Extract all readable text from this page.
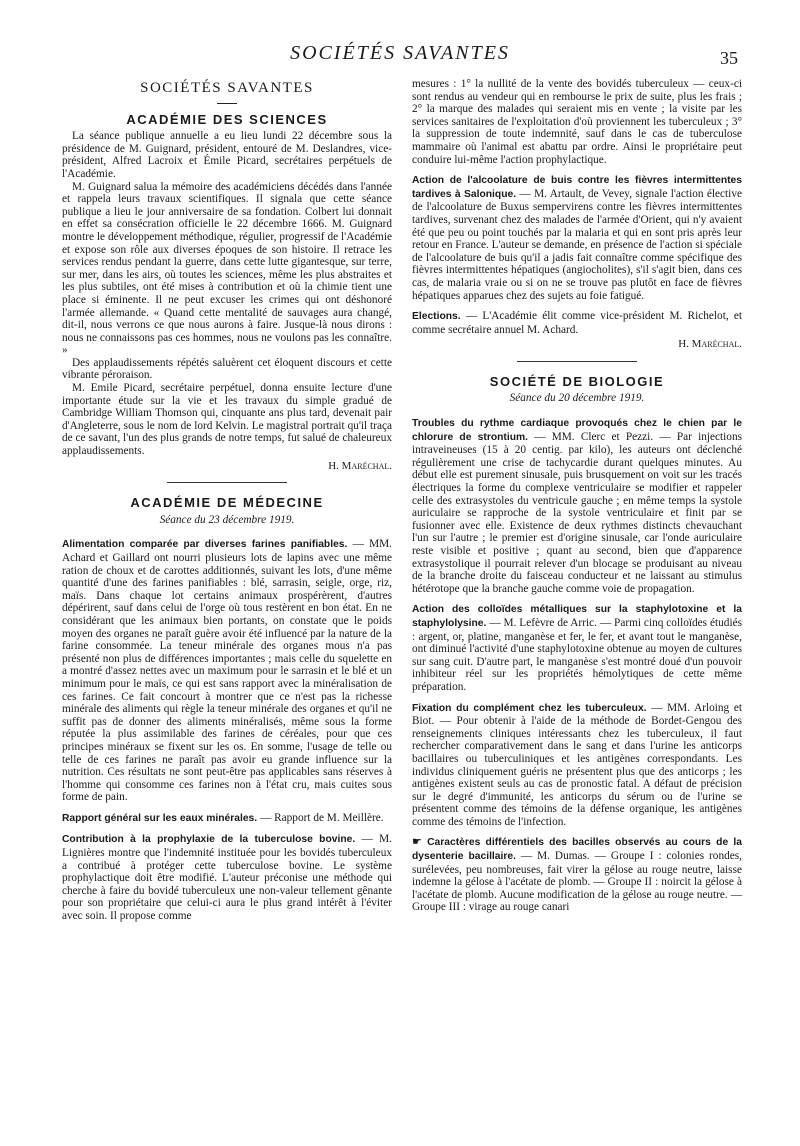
SOCIÉTÉS SAVANTES	35
SOCIÉTÉS SAVANTES
ACADÉMIE DES SCIENCES

La séance publique annuelle a eu lieu lundi 22 décembre sous la présidence de M. Guignard, président, entouré de M. Deslandres, vice-président, Alfred Lacroix et Émile Picard, secrétaires perpétuels de l'Académie.

M. Guignard salua la mémoire des académiciens décédés dans l'année et rappela leurs travaux scientifiques. Il signala que cette séance publique a lieu le jour anniversaire de sa fondation. Colbert lui donnait en effet sa consécration officielle le 22 décembre 1666. M. Guignard montre le développement méthodique, régulier, progressif de l'Académie et expose son rôle aux diverses époques de son histoire. Il retrace les services rendus pendant la guerre, dans cette lutte gigantesque, sur terre, sur mer, dans les airs, où toutes les sciences, même les plus abstraites et les plus subtiles, ont été mises à contribution et où la chimie tient une place si éminente. Il ne peut excuser les crimes qui ont déshonoré l'armée allemande. « Quand cette mentalité de sauvages aura changé, dit-il, nous verrons ce que nous aurons à faire. Jusque-là nous dirons : nous ne connaissons pas ces hommes, nous ne voulons pas les connaître. »

Des applaudissements répétés saluèrent cet éloquent discours et cette vibrante péroraison.

M. Emile Picard, secrétaire perpétuel, donna ensuite lecture d'une importante étude sur la vie et les travaux du simple gradué de Cambridge William Thomson qui, cinquante ans plus tard, devenait pair d'Angleterre, sous le nom de lord Kelvin. Le magistral portrait qu'il traça de ce savant, l'un des plus grands de notre temps, fut salué de chaleureux applaudissements.

H. Maréchal.
ACADÉMIE DE MÉDECINE
Séance du 23 décembre 1919.

Alimentation comparée par diverses farines panifiables. — MM. Achard et Gaillard ont nourri plusieurs lots de lapins avec une même ration de choux et de carottes additionnés, suivant les lots, d'une même quantité d'une des farines panifiables : blé, sarrasin, seigle, orge, riz, maïs. Dans chaque lot certains animaux prospérèrent, d'autres dépérirent, sauf dans celui de l'orge où tous restèrent en bon état. En ne considérant que les animaux bien portants, on constate que le poids moyen des organes ne paraît guère avoir été influencé par la nature de la farine consommée. La teneur minérale des organes mous n'a pas présenté non plus de différences importantes ; mais celle du squelette en a montré d'assez nettes avec un maximum pour le sarrasin et le blé et un minimum pour le maïs, ce qui est sans rapport avec la minéralisation de ces farines. Ce fait concourt à montrer que ce n'est pas la richesse minérale des aliments qui règle la teneur minérale des organes et qu'il ne suffit pas de donner des aliments minéralisés, même sous la forme réputée la plus assimilable des farines de céréales, pour que ces principes minéraux se fixent sur les os. En somme, l'usage de telle ou telle de ces farines ne paraît pas avoir eu grande influence sur la nutrition. Ces résultats ne sont peut-être pas applicables sans réserves à l'homme qui consomme ces farines non à l'état cru, mais cuites sous forme de pain.

Rapport général sur les eaux minérales. — Rapport de M. Meillère.

Contribution à la prophylaxie de la tuberculose bovine. — M. Lignières montre que l'indemnité instituée pour les bovidés tuberculeux a contribué à protéger cette tuberculose bovine. Le système prophylactique doit être modifié. L'auteur préconise une méthode qui cherche à faire du bovidé tuberculeux une non-valeur tellement gênante pour son propriétaire que celui-ci aura le plus grand intérêt à l'éviter avec soin. Il propose comme

mesures : 1° la nullité de la vente des bovidés tuberculeux — ceux-ci sont rendus au vendeur qui en rembourse le prix de suite, plus les frais ; 2° la marque des malades qui seraient mis en vente ; la visite par les services sanitaires de l'exploitation d'où proviennent les tuberculeux ; 3° la suppression de toute indemnité, sauf dans le cas de tuberculose mammaire où l'animal est abattu par ordre. Ainsi le propriétaire peut conduire lui-même l'action prophylactique.

Action de l'alcoolature de buis contre les fièvres intermittentes tardives à Salonique. — M. Artault, de Vevey, signale l'action élective de l'alcoolature de Buxus sempervirens contre les fièvres intermittentes tardives, survenant chez des malades de l'armée d'Orient, qui n'y avaient été que peu ou point touchés par la malaria et qui en sont pris après leur retour en France. L'auteur se demande, en présence de l'action si spéciale de l'alcoolature de buis qu'il a jadis fait connaître comme spécifique des fièvres intermittentes hépatiques (angiocholites), s'il s'agit bien, dans ces cas, de malaria vraie ou si on ne se trouve pas plutôt en face de fièvres hépatiques apparues chez des sujets au foie fatigué.

Elections. — L'Académie élit comme vice-président M. Richelot, et comme secrétaire annuel M. Achard.

H. Maréchal.
SOCIÉTÉ DE BIOLOGIE
Séance du 20 décembre 1919.

Troubles du rythme cardiaque provoqués chez le chien par le chlorure de strontium. — MM. Clerc et Pezzi. — Par injections intraveineuses (15 à 20 centig. par kilo), les auteurs ont déclenché régulièrement une crise de tachycardie durant quelques minutes. Au début elle est purement sinusale, puis brusquement on voit sur les tracés électriques la forme du complexe ventriculaire se modifier et rappeler celle des extrasystoles du ventricule gauche ; en même temps la systole auriculaire se rapproche de la systole ventriculaire et finit par se fusionner avec elle. Existence de deux rythmes distincts chevauchant l'un sur l'autre ; le premier est d'origine sinusale, car l'onde auriculaire reste visible et positive ; quant au second, bien que d'apparence extrasystolique il pourrait relever d'un blocage se produisant au niveau de la branche droite du faisceau conducteur et ne laissant au stimulus hétérotope que la branche gauche comme voie de propagation.

Action des colloïdes métalliques sur la staphylotoxine et la staphylolysine. — M. Lefèvre de Arric. — Parmi cinq colloïdes étudiés : argent, or, platine, manganèse et fer, le fer, et avant tout le manganèse, ont diminué l'activité d'une staphylotoxine obtenue au moyen de cultures sur sang cuit. D'autre part, le manganèse s'est montré doué d'un pouvoir inhibiteur réel sur les propriétés hémolytiques de cette même préparation.

Fixation du complément chez les tuberculeux. — MM. Arloing et Biot. — Pour obtenir à l'aide de la méthode de Bordet-Gengou des renseignements cliniques intéressants chez les tuberculeux, il faut rechercher comparativement dans le sang et dans l'urine les anticorps bacillaires ou tuberculiniques et les antigènes correspondants. Les individus cliniquement guéris ne présentent plus que des anticorps ; les antigènes existent seuls au cas de pronostic fatal. A défaut de précision sur le degré d'immunité, les anticorps du sérum ou de l'urine se présentent comme des témoins de la défense organique, les antigènes comme des témoins de l'infection.

☛ Caractères différentiels des bacilles observés au cours de la dysenterie bacillaire. — M. Dumas. — Groupe I : colonies rondes, surélevées, peu nombreuses, fait virer la gélose au rouge neutre, laisse indemne la gélose à l'acétate de plomb. — Groupe II : noircit la gélose à l'acétate de plomb. Aucune modification de la gélose au rouge neutre. — Groupe III : virage au rouge canari
